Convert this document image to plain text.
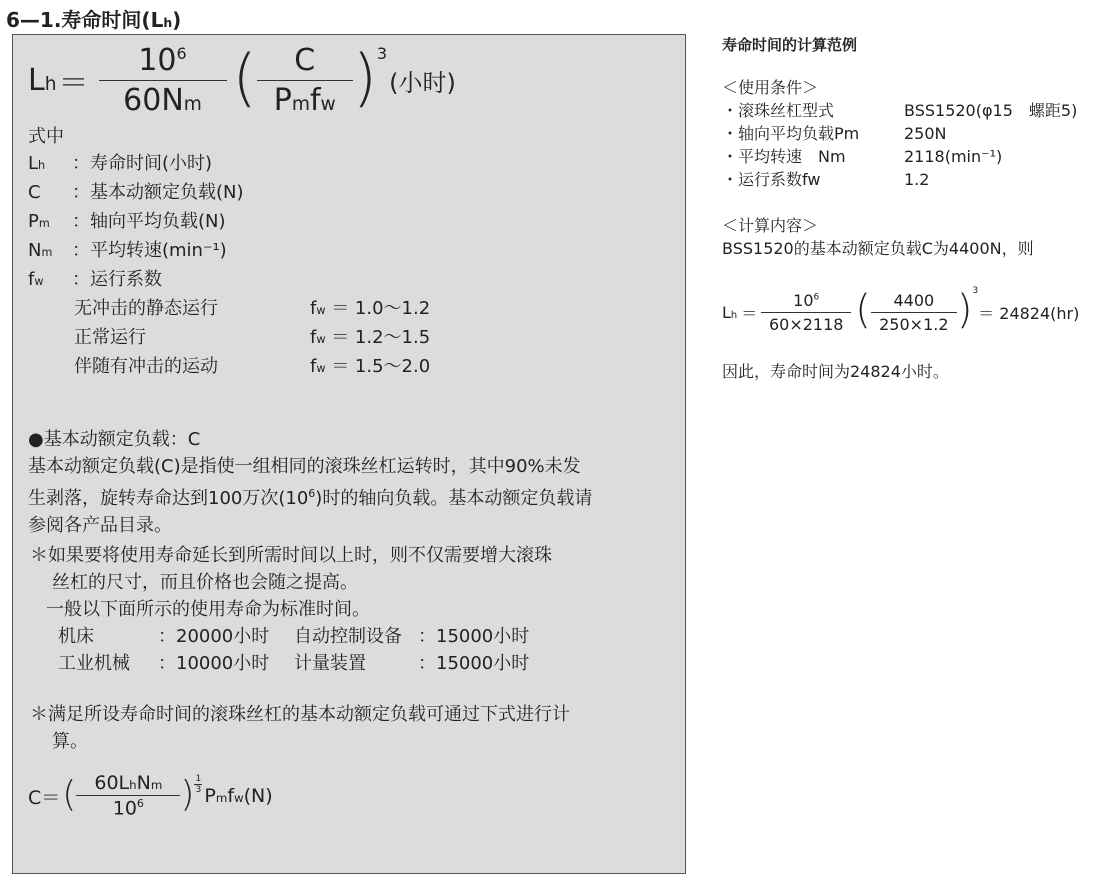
6—1.寿命时间(Lh)
$Lh = \frac{10^6}{60Nm}$ ( $\frac{C}{\text{Pmfw}} )^3$
(小时)
式中
Lh ：寿命时间(小时)
C ：基本动额定负载(N)
Pm ：轴向平均负载(N)
Nm ：平均转速(min⁻¹)
fw ：运行系数
无冲击的静态运行	fw ＝ 1.0～1.2
正常运行	fw ＝ 1.2～1.5
伴随有冲击的运动	fw ＝ 1.5～2.0
●基本动额定负载：C
基本动额定负载(C)是指使一组相同的滚珠丝杠运转时，其中90%未发
生剥落，旋转寿命达到100万次$(10^6)$时的轴向负载。基本动额定负载请
参阅各产品目录。
＊如果要将使用寿命延长到所需时间以上时，则不仅需要增大滚珠
丝杠的尺寸，而且价格也会随之提高。
一般以下面所示的使用寿命为标准时间。
机床	：20000小时 自动控制设备 ：15000小时
工业机械 ：10000小时 计量装置	：15000小时
＊满足所设寿命时间的滚珠丝杠的基本动额定负载可通过下式进行计
算。
C＝ ( $\frac{\text{60LhNm}}{10^6}$ ) $\frac{1}{3}$
Pmfw(N)
寿命时间的计算范例
＜使用条件＞
・滚珠丝杠型式	BSS1520(φ15　螺距5)
・轴向平均负载Pm	250N
・平均转速　Nm	2118(min⁻¹)
・运行系数fw	1.2
＜计算内容＞
BSS1520的基本动额定负载C为4400N，则
$Lh = \frac{10^6}{60\times 2118}$ ( $\frac{4400}{250\times 1.2} )^3$
＝ 24824(hr)
因此，寿命时间为24824小时。
